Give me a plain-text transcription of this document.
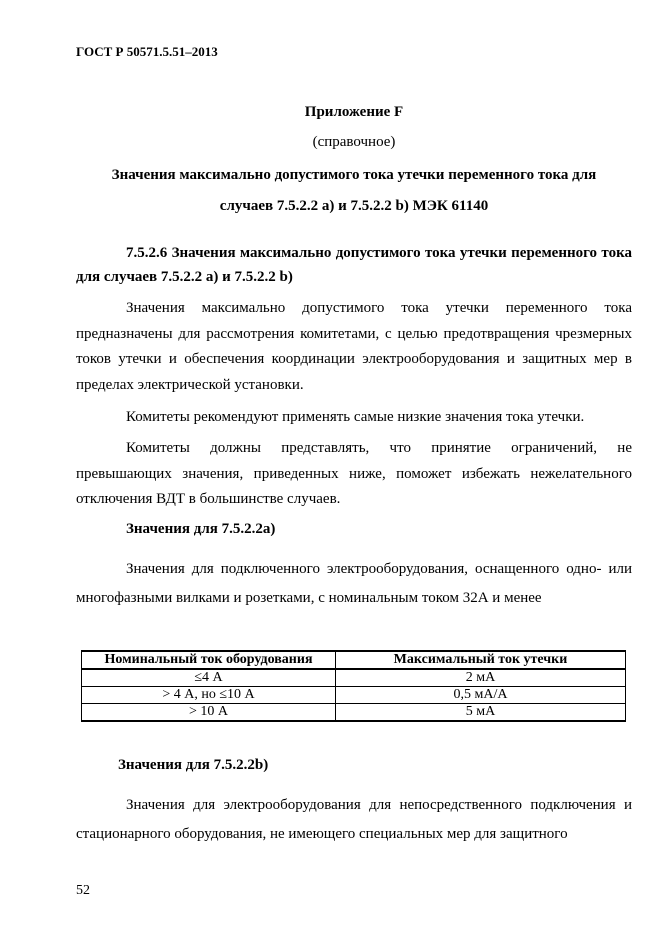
ГОСТ Р 50571.5.51–2013
Приложение F
(справочное)
Значения максимально допустимого тока утечки переменного тока для
случаев 7.5.2.2 a) и 7.5.2.2 b) МЭК 61140
7.5.2.6 Значения максимально допустимого тока утечки переменного тока для случаев 7.5.2.2 a) и 7.5.2.2 b)

Значения максимально допустимого тока утечки переменного тока предназначены для рассмотрения комитетами, с целью предотвращения чрезмерных токов утечки и обеспечения координации электрооборудования и защитных мер в пределах электрической установки.

Комитеты рекомендуют применять самые низкие значения тока утечки.

Комитеты должны представлять, что принятие ограничений, не превышающих значения, приведенных ниже, поможет избежать нежелательного отключения ВДТ в большинстве случаев.

Значения для 7.5.2.2a)

Значения для подключенного электрооборудования, оснащенного одно- или многофазными вилками и розетками, с номинальным током 32А и менее

Номинальный ток оборудования	Максимальный ток утечки
≤4 А	2 мА
> 4 А, но ≤10 А	0,5 мА/А
> 10 А	5 мА
Значения для 7.5.2.2b)

Значения для электрооборудования для непосредственного подключения и стационарного оборудования, не имеющего специальных мер для защитного

52
